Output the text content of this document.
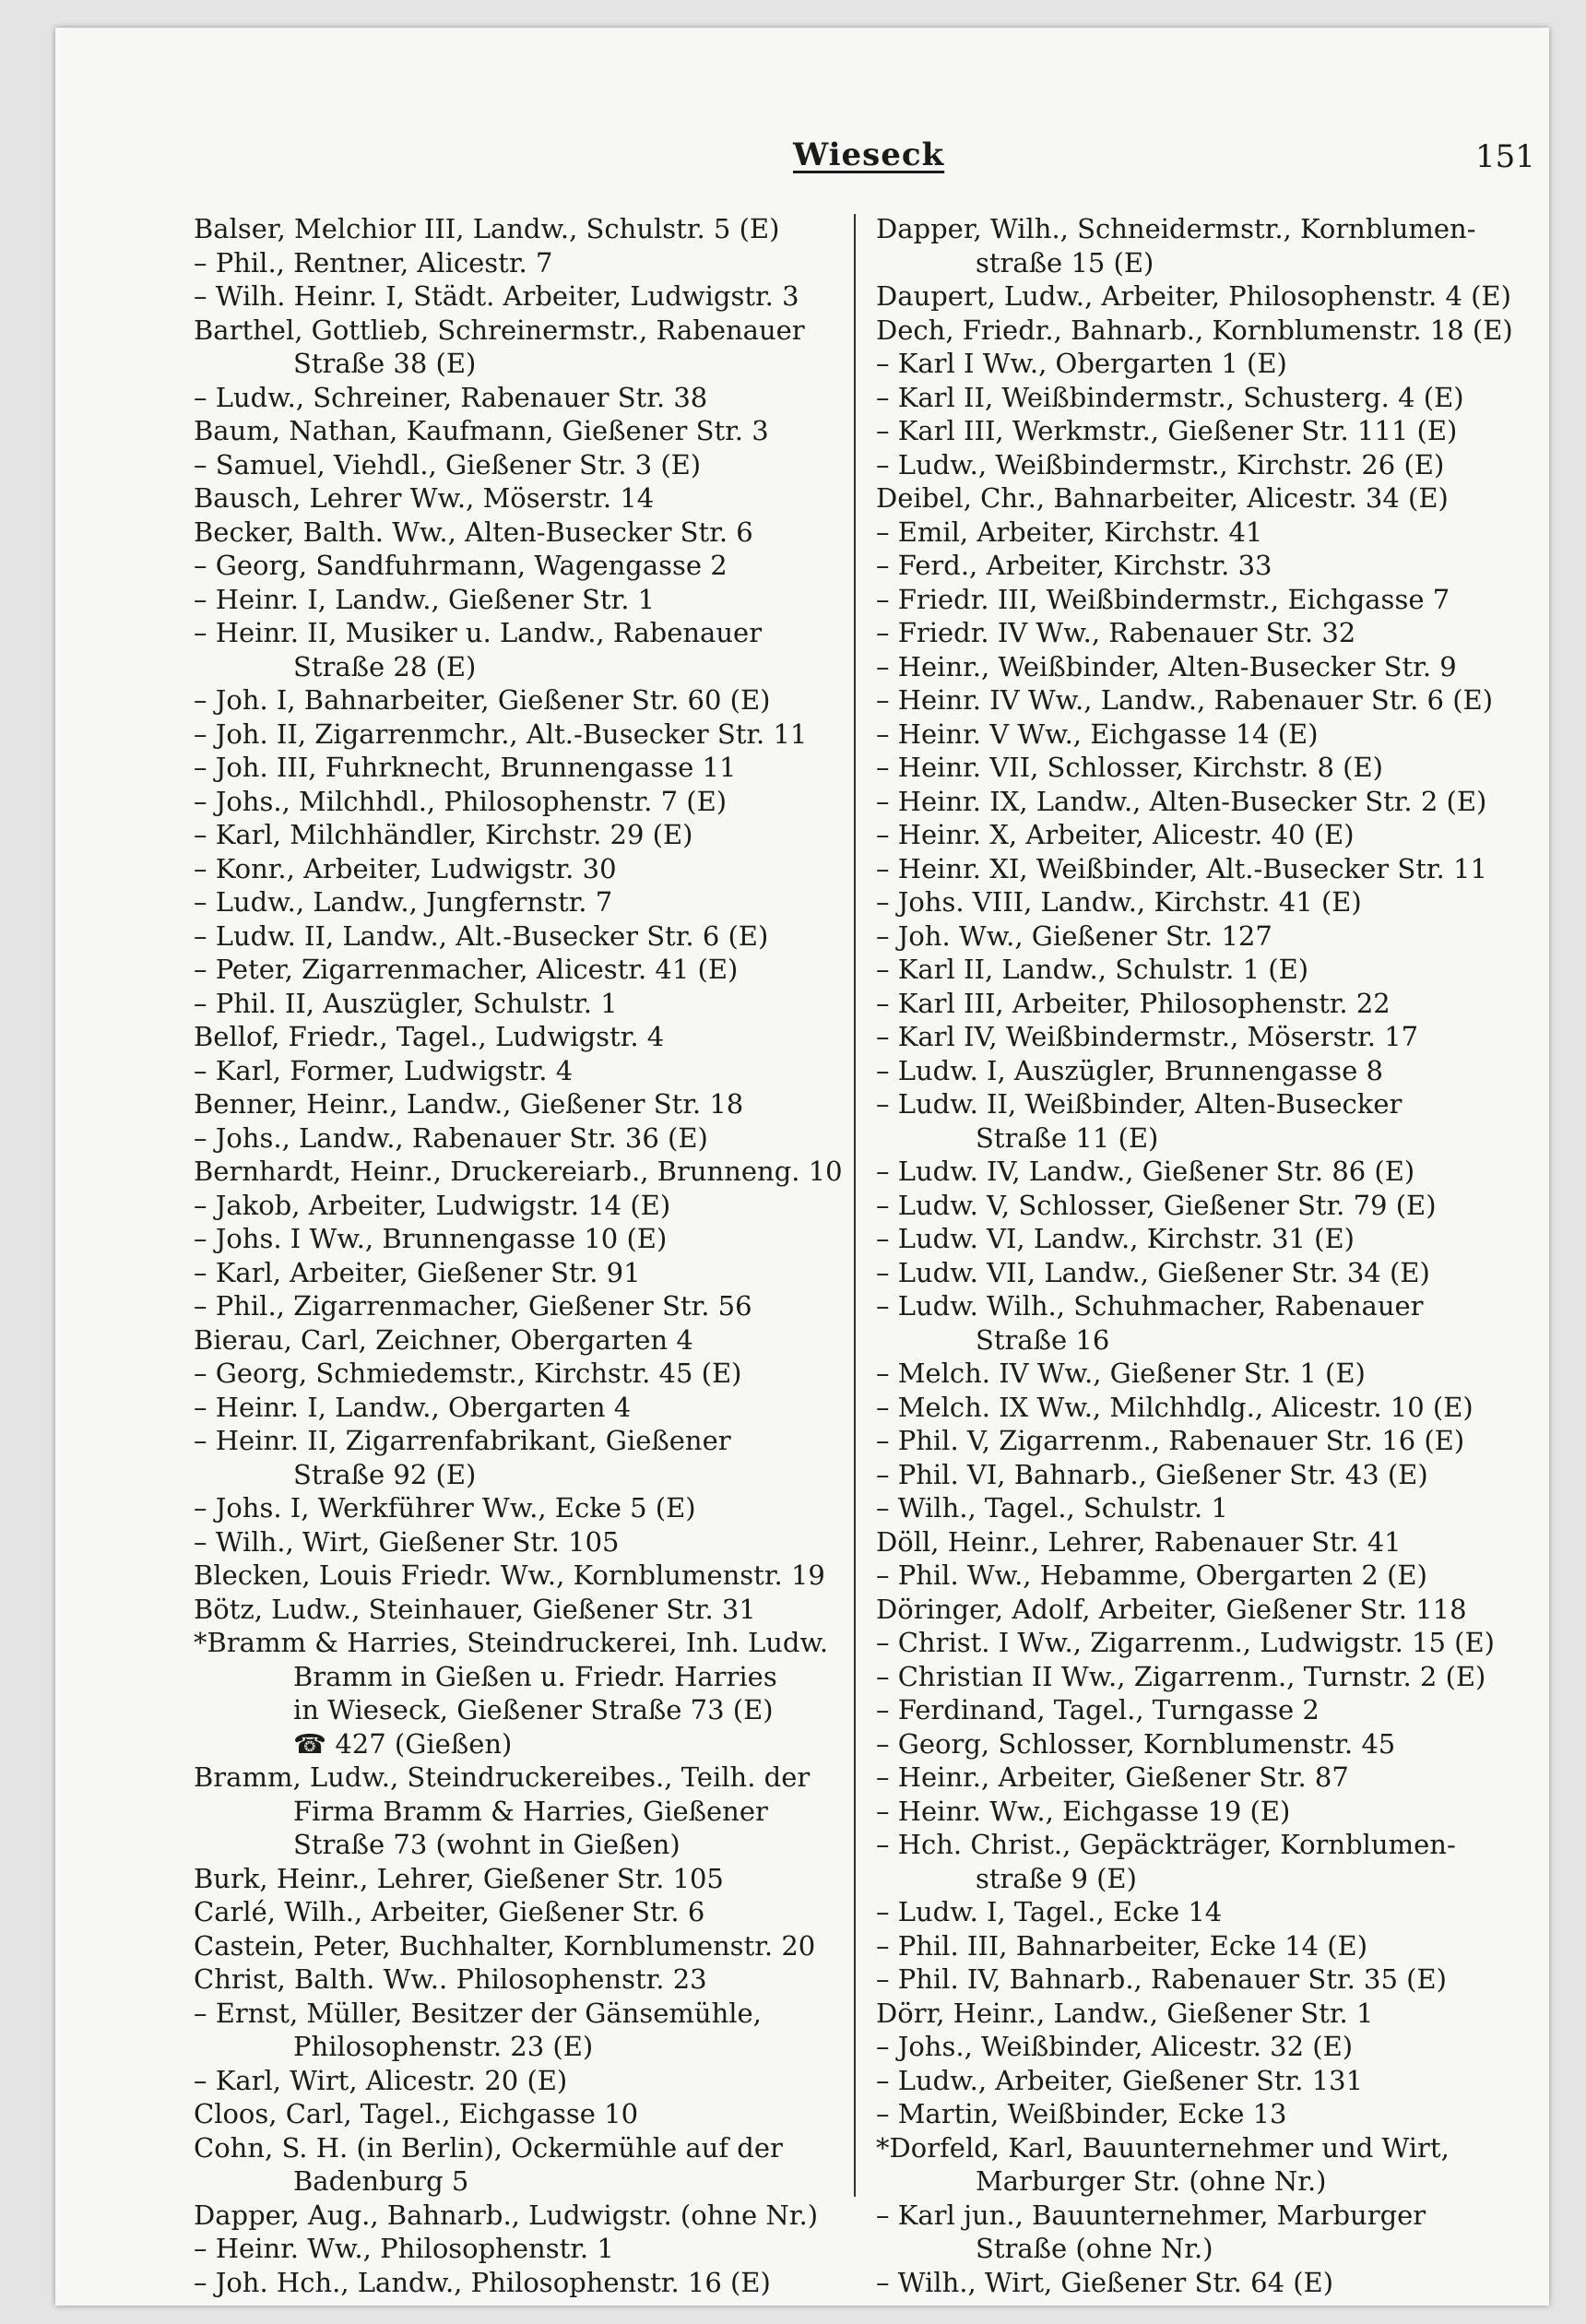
Wieseck	151
Balser, Melchior III, Landw., Schulstr. 5 (E)
– Phil., Rentner, Alicestr. 7
– Wilh. Heinr. I, Städt. Arbeiter, Ludwigstr. 3
Barthel, Gottlieb, Schreinermstr., Rabenauer
Straße 38 (E)
– Ludw., Schreiner, Rabenauer Str. 38
Baum, Nathan, Kaufmann, Gießener Str. 3
– Samuel, Viehdl., Gießener Str. 3 (E)
Bausch, Lehrer Ww., Möserstr. 14
Becker, Balth. Ww., Alten-Busecker Str. 6
– Georg, Sandfuhrmann, Wagengasse 2
– Heinr. I, Landw., Gießener Str. 1
– Heinr. II, Musiker u. Landw., Rabenauer
Straße 28 (E)
– Joh. I, Bahnarbeiter, Gießener Str. 60 (E)
– Joh. II, Zigarrenmchr., Alt.-Busecker Str. 11
– Joh. III, Fuhrknecht, Brunnengasse 11
– Johs., Milchhdl., Philosophenstr. 7 (E)
– Karl, Milchhändler, Kirchstr. 29 (E)
– Konr., Arbeiter, Ludwigstr. 30
– Ludw., Landw., Jungfernstr. 7
– Ludw. II, Landw., Alt.-Busecker Str. 6 (E)
– Peter, Zigarrenmacher, Alicestr. 41 (E)
– Phil. II, Auszügler, Schulstr. 1
Bellof, Friedr., Tagel., Ludwigstr. 4
– Karl, Former, Ludwigstr. 4
Benner, Heinr., Landw., Gießener Str. 18
– Johs., Landw., Rabenauer Str. 36 (E)
Bernhardt, Heinr., Druckereiarb., Brunneng. 10
– Jakob, Arbeiter, Ludwigstr. 14 (E)
– Johs. I Ww., Brunnengasse 10 (E)
– Karl, Arbeiter, Gießener Str. 91
– Phil., Zigarrenmacher, Gießener Str. 56
Bierau, Carl, Zeichner, Obergarten 4
– Georg, Schmiedemstr., Kirchstr. 45 (E)
– Heinr. I, Landw., Obergarten 4
– Heinr. II, Zigarrenfabrikant, Gießener
Straße 92 (E)
– Johs. I, Werkführer Ww., Ecke 5 (E)
– Wilh., Wirt, Gießener Str. 105
Blecken, Louis Friedr. Ww., Kornblumenstr. 19
Bötz, Ludw., Steinhauer, Gießener Str. 31
*Bramm & Harries, Steindruckerei, Inh. Ludw.
Bramm in Gießen u. Friedr. Harries
in Wieseck, Gießener Straße 73 (E)
☎ 427 (Gießen)
Bramm, Ludw., Steindruckereibes., Teilh. der
Firma Bramm & Harries, Gießener
Straße 73 (wohnt in Gießen)
Burk, Heinr., Lehrer, Gießener Str. 105
Carlé, Wilh., Arbeiter, Gießener Str. 6
Castein, Peter, Buchhalter, Kornblumenstr. 20
Christ, Balth. Ww.. Philosophenstr. 23
– Ernst, Müller, Besitzer der Gänsemühle,
Philosophenstr. 23 (E)
– Karl, Wirt, Alicestr. 20 (E)
Cloos, Carl, Tagel., Eichgasse 10
Cohn, S. H. (in Berlin), Ockermühle auf der
Badenburg 5
Dapper, Aug., Bahnarb., Ludwigstr. (ohne Nr.)
– Heinr. Ww., Philosophenstr. 1
– Joh. Hch., Landw., Philosophenstr. 16 (E)
Dapper, Wilh., Schneidermstr., Kornblumen-
straße 15 (E)
Daupert, Ludw., Arbeiter, Philosophenstr. 4 (E)
Dech, Friedr., Bahnarb., Kornblumenstr. 18 (E)
– Karl I Ww., Obergarten 1 (E)
– Karl II, Weißbindermstr., Schusterg. 4 (E)
– Karl III, Werkmstr., Gießener Str. 111 (E)
– Ludw., Weißbindermstr., Kirchstr. 26 (E)
Deibel, Chr., Bahnarbeiter, Alicestr. 34 (E)
– Emil, Arbeiter, Kirchstr. 41
– Ferd., Arbeiter, Kirchstr. 33
– Friedr. III, Weißbindermstr., Eichgasse 7
– Friedr. IV Ww., Rabenauer Str. 32
– Heinr., Weißbinder, Alten-Busecker Str. 9
– Heinr. IV Ww., Landw., Rabenauer Str. 6 (E)
– Heinr. V Ww., Eichgasse 14 (E)
– Heinr. VII, Schlosser, Kirchstr. 8 (E)
– Heinr. IX, Landw., Alten-Busecker Str. 2 (E)
– Heinr. X, Arbeiter, Alicestr. 40 (E)
– Heinr. XI, Weißbinder, Alt.-Busecker Str. 11
– Johs. VIII, Landw., Kirchstr. 41 (E)
– Joh. Ww., Gießener Str. 127
– Karl II, Landw., Schulstr. 1 (E)
– Karl III, Arbeiter, Philosophenstr. 22
– Karl IV, Weißbindermstr., Möserstr. 17
– Ludw. I, Auszügler, Brunnengasse 8
– Ludw. II, Weißbinder, Alten-Busecker
Straße 11 (E)
– Ludw. IV, Landw., Gießener Str. 86 (E)
– Ludw. V, Schlosser, Gießener Str. 79 (E)
– Ludw. VI, Landw., Kirchstr. 31 (E)
– Ludw. VII, Landw., Gießener Str. 34 (E)
– Ludw. Wilh., Schuhmacher, Rabenauer
Straße 16
– Melch. IV Ww., Gießener Str. 1 (E)
– Melch. IX Ww., Milchhdlg., Alicestr. 10 (E)
– Phil. V, Zigarrenm., Rabenauer Str. 16 (E)
– Phil. VI, Bahnarb., Gießener Str. 43 (E)
– Wilh., Tagel., Schulstr. 1
Döll, Heinr., Lehrer, Rabenauer Str. 41
– Phil. Ww., Hebamme, Obergarten 2 (E)
Döringer, Adolf, Arbeiter, Gießener Str. 118
– Christ. I Ww., Zigarrenm., Ludwigstr. 15 (E)
– Christian II Ww., Zigarrenm., Turnstr. 2 (E)
– Ferdinand, Tagel., Turngasse 2
– Georg, Schlosser, Kornblumenstr. 45
– Heinr., Arbeiter, Gießener Str. 87
– Heinr. Ww., Eichgasse 19 (E)
– Hch. Christ., Gepäckträger, Kornblumen-
straße 9 (E)
– Ludw. I, Tagel., Ecke 14
– Phil. III, Bahnarbeiter, Ecke 14 (E)
– Phil. IV, Bahnarb., Rabenauer Str. 35 (E)
Dörr, Heinr., Landw., Gießener Str. 1
– Johs., Weißbinder, Alicestr. 32 (E)
– Ludw., Arbeiter, Gießener Str. 131
– Martin, Weißbinder, Ecke 13
*Dorfeld, Karl, Bauunternehmer und Wirt,
Marburger Str. (ohne Nr.)
– Karl jun., Bauunternehmer, Marburger
Straße (ohne Nr.)
– Wilh., Wirt, Gießener Str. 64 (E)
